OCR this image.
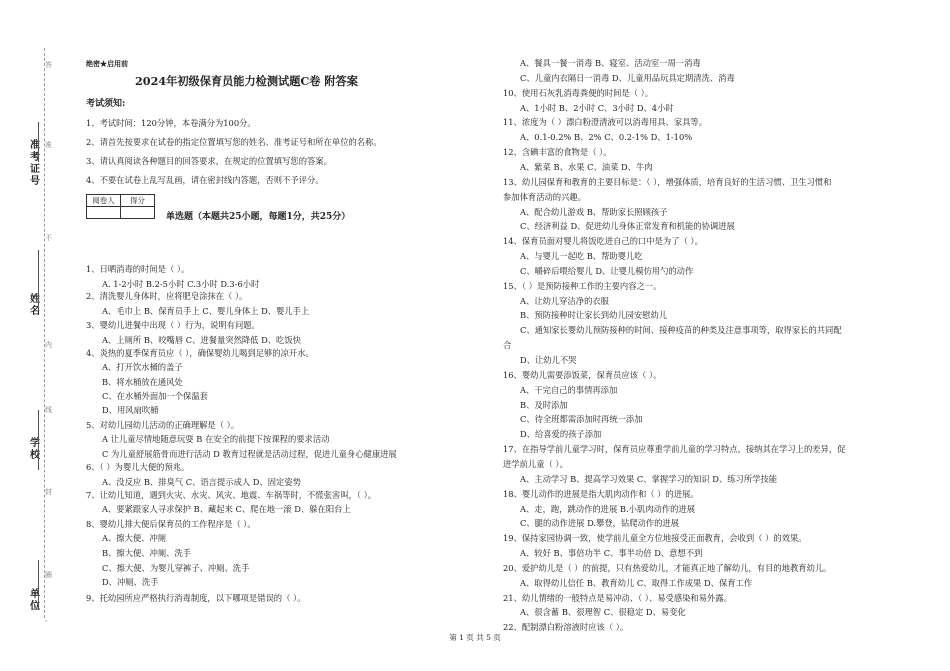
准考证号
姓名
学校
单位
答
准
不
内
线
封
圈
。
绝密★启用前
2024年初级保育员能力检测试题C卷 附答案
考试须知:
1、考试时间：120分钟，本卷满分为100分。
2、请首先按要求在试卷的指定位置填写您的姓名、准考证号和所在单位的名称。
3、请认真阅读各种题目的回答要求，在规定的位置填写您的答案。
4、不要在试卷上乱写乱画，请在密封线内答题，否则不予评分。
阅卷人	得分

单选题（本题共25小题，每题1分，共25分）
1、日晒消毒的时间是（ ）。
A. 1-2小时 B.2-5小时 C.3小时 D.3-6小时
2、清洗婴儿身体时，应将肥皂涂抹在（ ）。
A、毛巾上 B、保育员手上 C、婴儿身体上 D、婴儿手上
3、婴幼儿进餐中出现（ ）行为，说明有问题。
A、上厕所 B、咬嘴唇 C、进餐量突然降低 D、吃饭快
4、炎热的夏季保育员应（ ），确保婴幼儿喝到足够的凉开水。
A、打开饮水桶的盖子
B、将水桶放在通风处
C、在水桶外面加一个保温套
D、用风扇吹桶
5、对幼儿园幼儿活动的正确理解是（ ）。
A 让儿童尽情地随意玩耍 B 在安全的前提下按课程的要求活动
C 为儿童舒展筋骨而进行活动 D 教育过程就是活动过程，促进儿童身心健康进展
6、（ ）为婴儿大便的预兆。
A、没反应 B、排臭气 C、语言提示成人 D、固定姿势
7、让幼儿知道，遇到火灾、水灾、风灾、地震、车祸等时，不慌张害叫，（ ）。
A、要紧跟家人寻求保护 B、藏起来 C、爬在地一滚 D、躲在阳台上
8、婴幼儿排大便后保育员的工作程序是（ ）。
A、擦大便、冲厕
B、擦大便、冲厕、洗手
C、擦大便、为婴儿穿裤子、冲厕、洗手
D、冲厕、洗手
9、托幼园所应严格执行消毒制度，以下哪项是错误的（ ）。
A、餐具一餐一消毒 B、寝室、活动室一周一消毒
C、儿童内衣隔日一消毒 D、儿童用品玩具定期清洗、消毒
10、使用石灰乳消毒粪便的时间是（ ）。
A、1小时 B、2小时 C、3小时 D、4小时
11、浓度为（ ）漂白粉澄清液可以消毒用具、家具等。
A、0.1-0.2% B、2% C、0.2-1% D、1-10%
12、含碘丰富的食物是（ ）。
A、紫菜 B、水果 C、油菜 D、牛肉
13、幼儿园保育和教育的主要目标是：（ ），增强体质，培育良好的生活习惯、卫生习惯和
参加体育活动的兴趣。
A、配合幼儿游戏 B、帮助家长照顾孩子
C、经济利益 D、促进幼儿身体正常发育和机能的协调进展
14、保育员面对婴儿将饭吃进自己的口中是为了（ ）。
A、与婴儿一起吃 B、帮助婴儿吃
C、嚼碎后喂给婴儿 D、让婴儿模仿用勺的动作
15、（ ）是预防接种工作的主要内容之一。
A、让幼儿穿洁净的衣服
B、预防接种时让家长到幼儿园安慰幼儿
C、通知家长婴幼儿预防接种的时间、接种疫苗的种类及注意事项等，取得家长的共同配
合
D、让幼儿不哭
16、婴幼儿需要添饭菜，保育员应该（ ）。
A、干完自己的事情再添加
B、及时添加
C、待全班都需添加时再统一添加
D、给喜爱的孩子添加
17、在指导学前儿童学习时，保育员应尊重学前儿童的学习特点，接纳其在学习上的差异，促
进学前儿童（ ）。
A、主动学习 B、提高学习效果 C、掌握学习的知识 D、练习所学技能
18、婴儿动作的进展是指大肌肉动作和（ ）的进展。
A、走，跑，跳动作的进展 B.小肌肉动作的进展
C、腿的动作进展 D.攀登，钻爬动作的进展
19、保持家园协调一致，使学前儿童全方位地接受正面教育，会收到（ ）的效果。
A、较好 B、事倍功半 C、事半功倍 D、意想不到
20、爱护幼儿是（ ）的前提，只有热爱幼儿，才能真正地了解幼儿，有目的地教育幼儿。
A、取得幼儿信任 B、教育幼儿 C、取得工作成果 D、保育工作
21、幼儿情绪的一般特点是易冲动、（ ）、易受感染和易外露。
A、很含蓄 B、很理智 C、很稳定 D、易变化
22、配制漂白粉溶液时应该（ ）。
第 1 页 共 5 页
